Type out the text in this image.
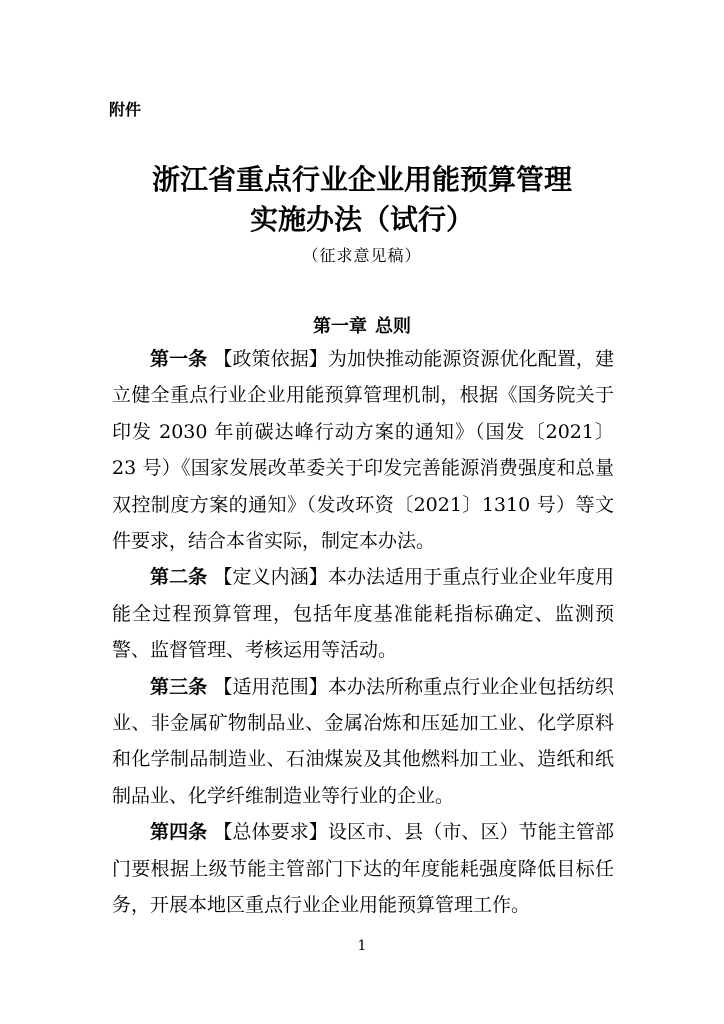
附件
浙江省重点行业企业用能预算管理
实施办法（试行）
（征求意见稿）
第一章 总则

第一条 【政策依据】为加快推动能源资源优化配置，建立健全重点行业企业用能预算管理机制，根据《国务院关于印发 2030 年前碳达峰行动方案的通知》（国发〔2021〕23 号）《国家发展改革委关于印发完善能源消费强度和总量双控制度方案的通知》（发改环资〔2021〕1310 号）等文件要求，结合本省实际，制定本办法。

第二条 【定义内涵】本办法适用于重点行业企业年度用能全过程预算管理，包括年度基准能耗指标确定、监测预警、监督管理、考核运用等活动。

第三条 【适用范围】本办法所称重点行业企业包括纺织业、非金属矿物制品业、金属冶炼和压延加工业、化学原料和化学制品制造业、石油煤炭及其他燃料加工业、造纸和纸制品业、化学纤维制造业等行业的企业。

第四条 【总体要求】设区市、县（市、区）节能主管部门要根据上级节能主管部门下达的年度能耗强度降低目标任务，开展本地区重点行业企业用能预算管理工作。

1
